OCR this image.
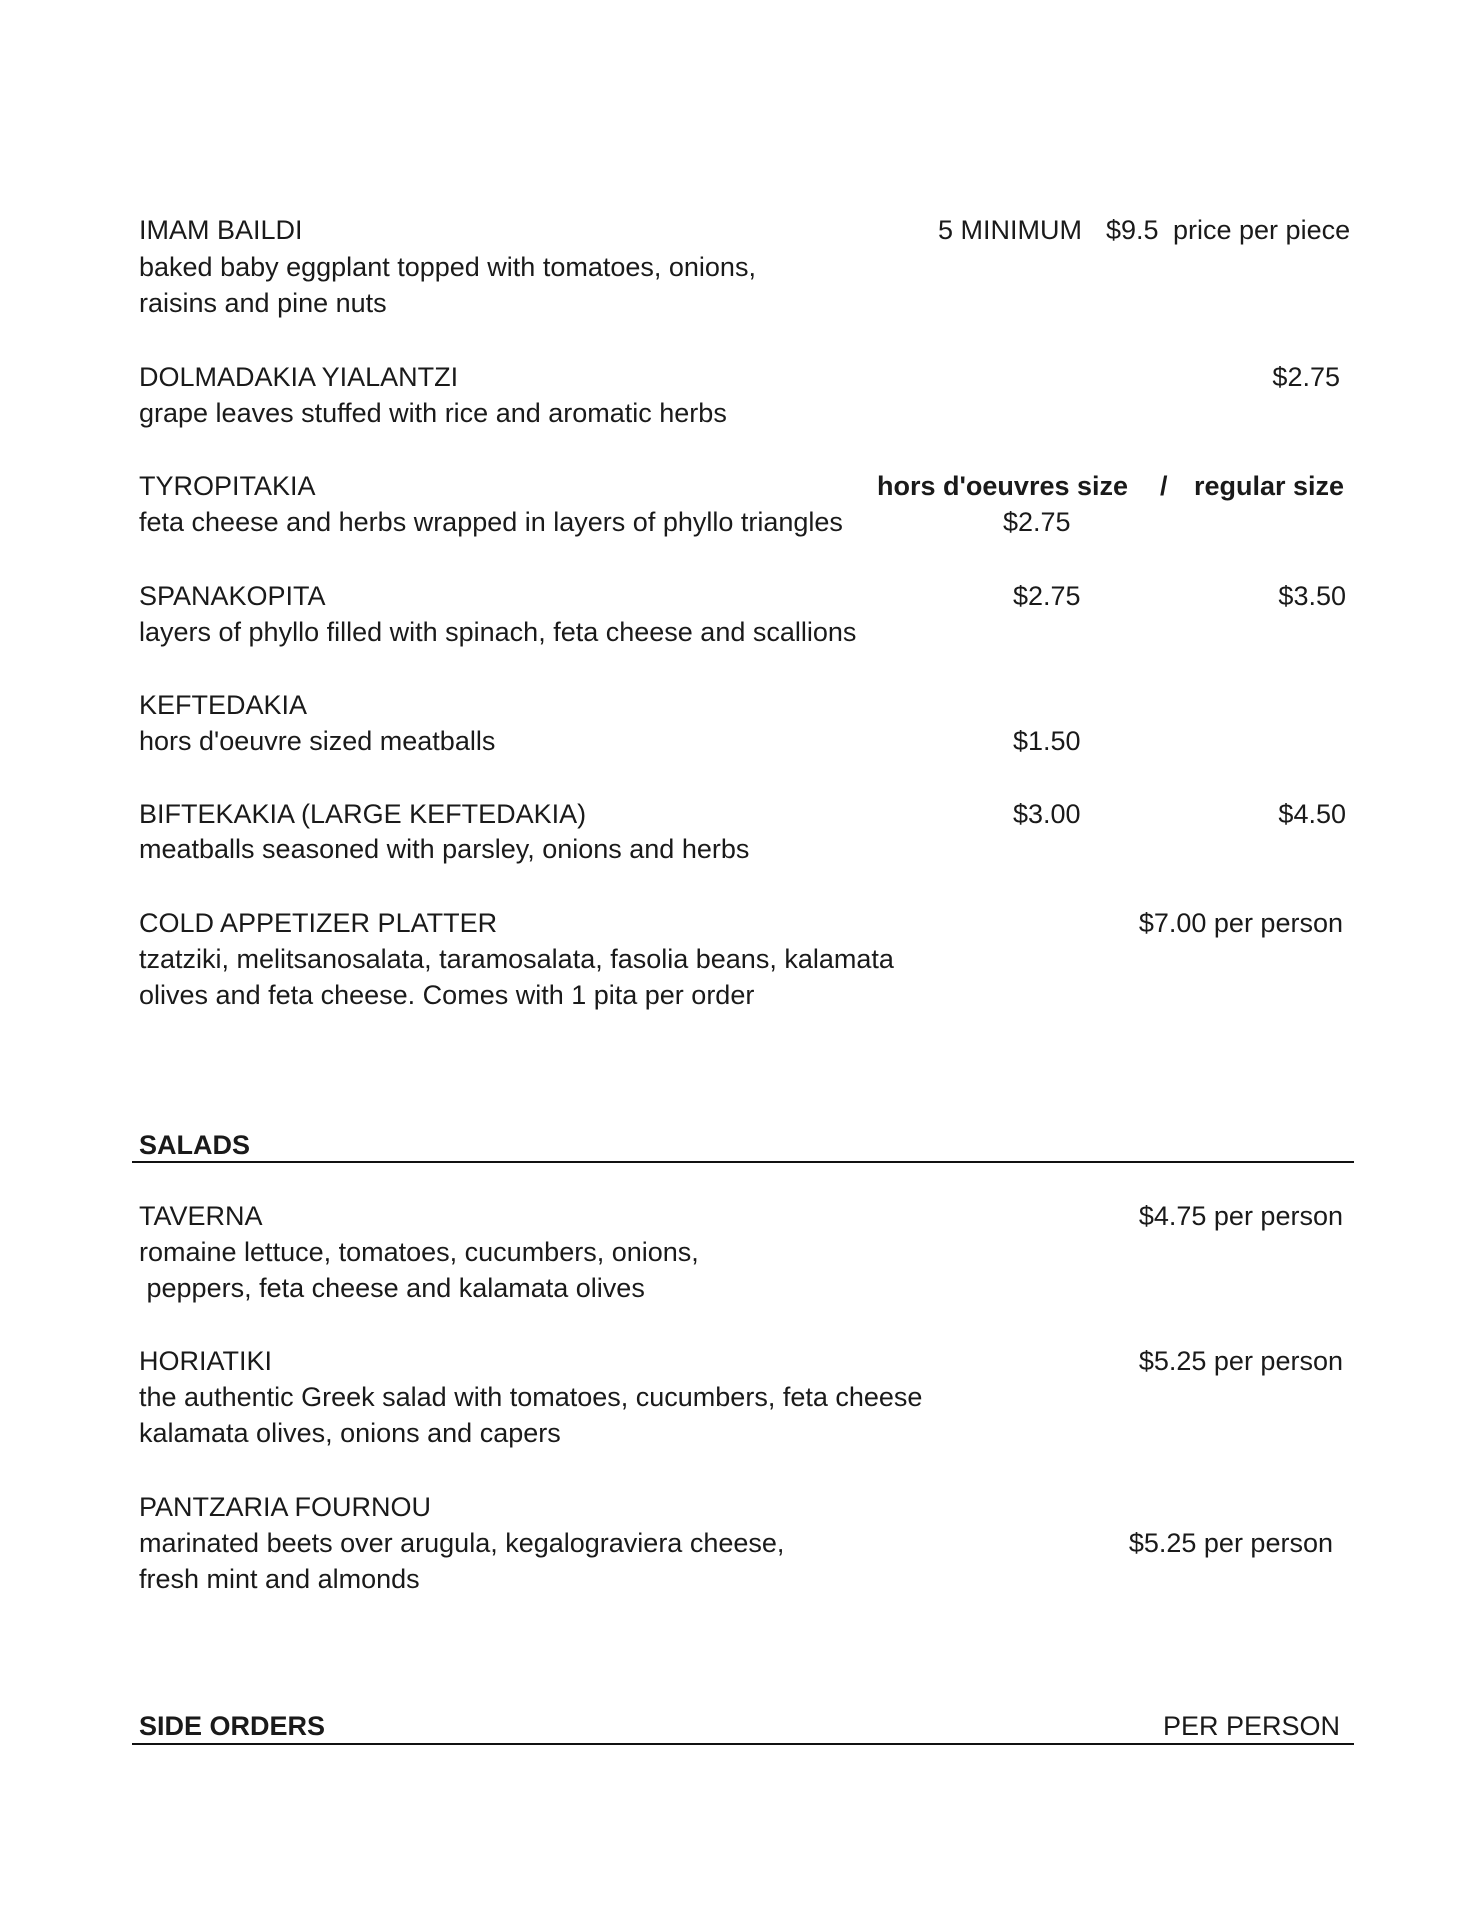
IMAM BAILDI	5 MINIMUM $9.5 price per piece
baked baby eggplant topped with tomatoes, onions,
raisins and pine nuts
DOLMADAKIA YIALANTZI	$2.75
grape leaves stuffed with rice and aromatic herbs
TYROPITAKIA	hors d'oeuvres size / regular size
feta cheese and herbs wrapped in layers of phyllo triangles	$2.75
SPANAKOPITA	$2.75	$3.50
layers of phyllo filled with spinach, feta cheese and scallions
KEFTEDAKIA
hors d'oeuvre sized meatballs	$1.50
BIFTEKAKIA (LARGE KEFTEDAKIA)	$3.00	$4.50
meatballs seasoned with parsley, onions and herbs
COLD APPETIZER PLATTER	$7.00 per person
tzatziki, melitsanosalata, taramosalata, fasolia beans, kalamata
olives and feta cheese. Comes with 1 pita per order
SALADS
TAVERNA	$4.75 per person
romaine lettuce, tomatoes, cucumbers, onions,
peppers, feta cheese and kalamata olives
HORIATIKI	$5.25 per person
the authentic Greek salad with tomatoes, cucumbers, feta cheese
kalamata olives, onions and capers
PANTZARIA FOURNOU
marinated beets over arugula, kegalograviera cheese,	$5.25 per person
fresh mint and almonds
SIDE ORDERS	PER PERSON
